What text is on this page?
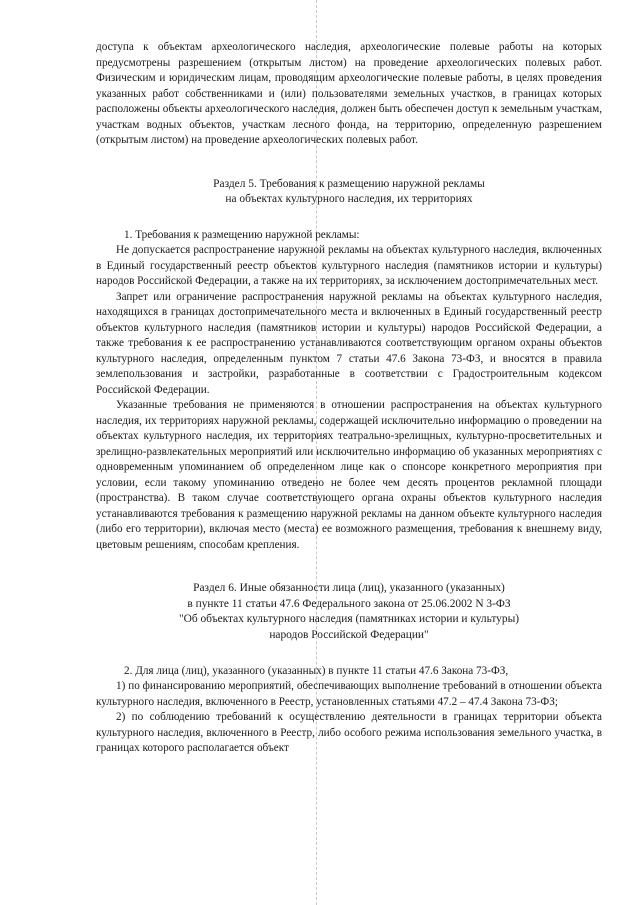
доступа к объектам археологического наследия, археологические полевые работы на которых предусмотрены разрешением (открытым листом) на проведение археологических полевых работ. Физическим и юридическим лицам, проводящим археологические полевые работы, в целях проведения указанных работ собственниками и (или) пользователями земельных участков, в границах которых расположены объекты археологического наследия, должен быть обеспечен доступ к земельным участкам, участкам водных объектов, участкам лесного фонда, на территорию, определенную разрешением (открытым листом) на проведение археологических полевых работ.

Раздел 5. Требования к размещению наружной рекламы

на объектах культурного наследия, их территориях

1. Требования к размещению наружной рекламы:

Не допускается распространение наружной рекламы на объектах культурного наследия, включенных в Единый государственный реестр объектов культурного наследия (памятников истории и культуры) народов Российской Федерации, а также на их территориях, за исключением достопримечательных мест.

Запрет или ограничение распространения наружной рекламы на объектах культурного наследия, находящихся в границах достопримечательного места и включенных в Единый государственный реестр объектов культурного наследия (памятников истории и культуры) народов Российской Федерации, а также требования к ее распространению устанавливаются соответствующим органом охраны объектов культурного наследия, определенным пунктом 7 статьи 47.6 Закона 73-ФЗ, и вносятся в правила землепользования и застройки, разработанные в соответствии с Градостроительным кодексом Российской Федерации.

Указанные требования не применяются в отношении распространения на объектах культурного наследия, их территориях наружной рекламы, содержащей исключительно информацию о проведении на объектах культурного наследия, их территориях театрально-зрелищных, культурно-просветительных и зрелищно-развлекательных мероприятий или исключительно информацию об указанных мероприятиях с одновременным упоминанием об определенном лице как о спонсоре конкретного мероприятия при условии, если такому упоминанию отведено не более чем десять процентов рекламной площади (пространства). В таком случае соответствующего органа охраны объектов культурного наследия устанавливаются требования к размещению наружной рекламы на данном объекте культурного наследия (либо его территории), включая место (места) ее возможного размещения, требования к внешнему виду, цветовым решениям, способам крепления.

Раздел 6. Иные обязанности лица (лиц), указанного (указанных)

в пункте 11 статьи 47.6 Федерального закона от 25.06.2002 N 3-ФЗ

"Об объектах культурного наследия (памятниках истории и культуры)

народов Российской Федерации"

2. Для лица (лиц), указанного (указанных) в пункте 11 статьи 47.6 Закона 73-ФЗ,

1) по финансированию мероприятий, обеспечивающих выполнение требований в отношении объекта культурного наследия, включенного в Реестр, установленных статьями 47.2 – 47.4 Закона 73-ФЗ;

2) по соблюдению требований к осуществлению деятельности в границах территории объекта культурного наследия, включенного в Реестр, либо особого режима использования земельного участка, в границах которого располагается объект
